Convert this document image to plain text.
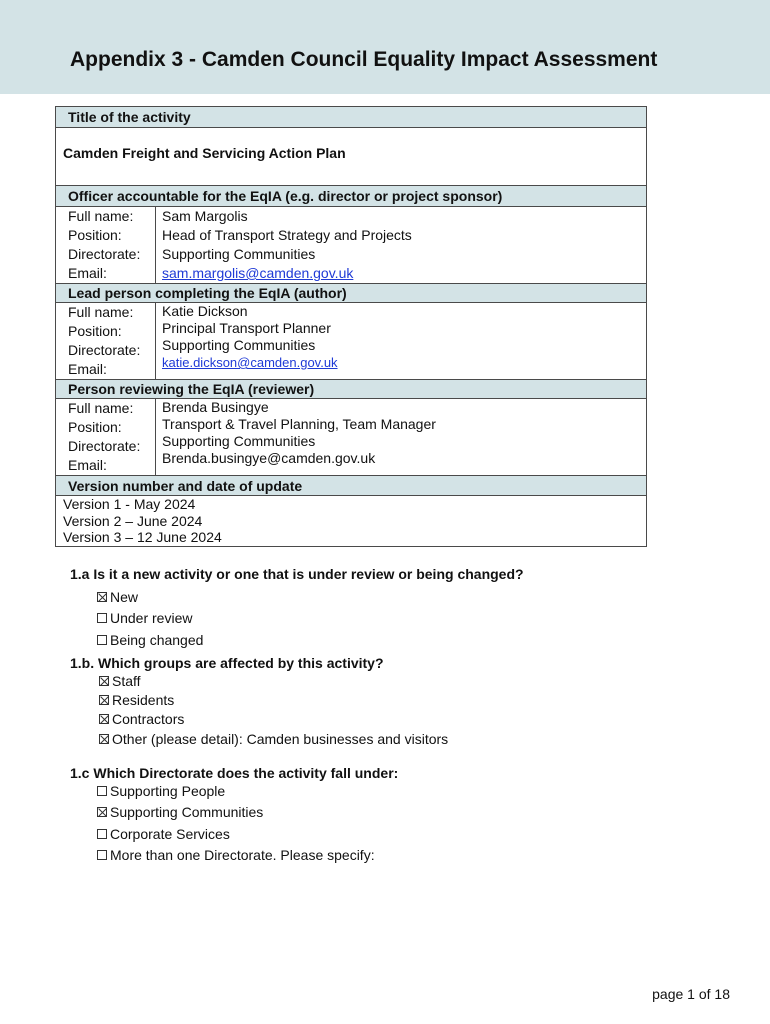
Appendix 3 - Camden Council Equality Impact Assessment
Title of the activity
Camden Freight and Servicing Action Plan
Officer accountable for the EqIA (e.g. director or project sponsor)
Full name:
Position:
Directorate:
Email:
Sam Margolis
Head of Transport Strategy and Projects
Supporting Communities
sam.margolis@camden.gov.uk
Lead person completing the EqIA (author)
Full name:
Position:
Directorate:
Email:
Katie Dickson
Principal Transport Planner
Supporting Communities
katie.dickson@camden.gov.uk
Person reviewing the EqIA (reviewer)
Full name:
Position:
Directorate:
Email:
Brenda Busingye
Transport & Travel Planning, Team Manager
Supporting Communities
Brenda.busingye@camden.gov.uk
Version number and date of update
Version 1 - May 2024
Version 2 – June 2024
Version 3 – 12 June 2024

1.a Is it a new activity or one that is under review or being changed?

New
Under review
Being changed

1.b. Which groups are affected by this activity?

Staff
Residents
Contractors
Other (please detail): Camden businesses and visitors

1.c Which Directorate does the activity fall under:

Supporting People
Supporting Communities
Corporate Services
More than one Directorate. Please specify:
page 1 of 18
